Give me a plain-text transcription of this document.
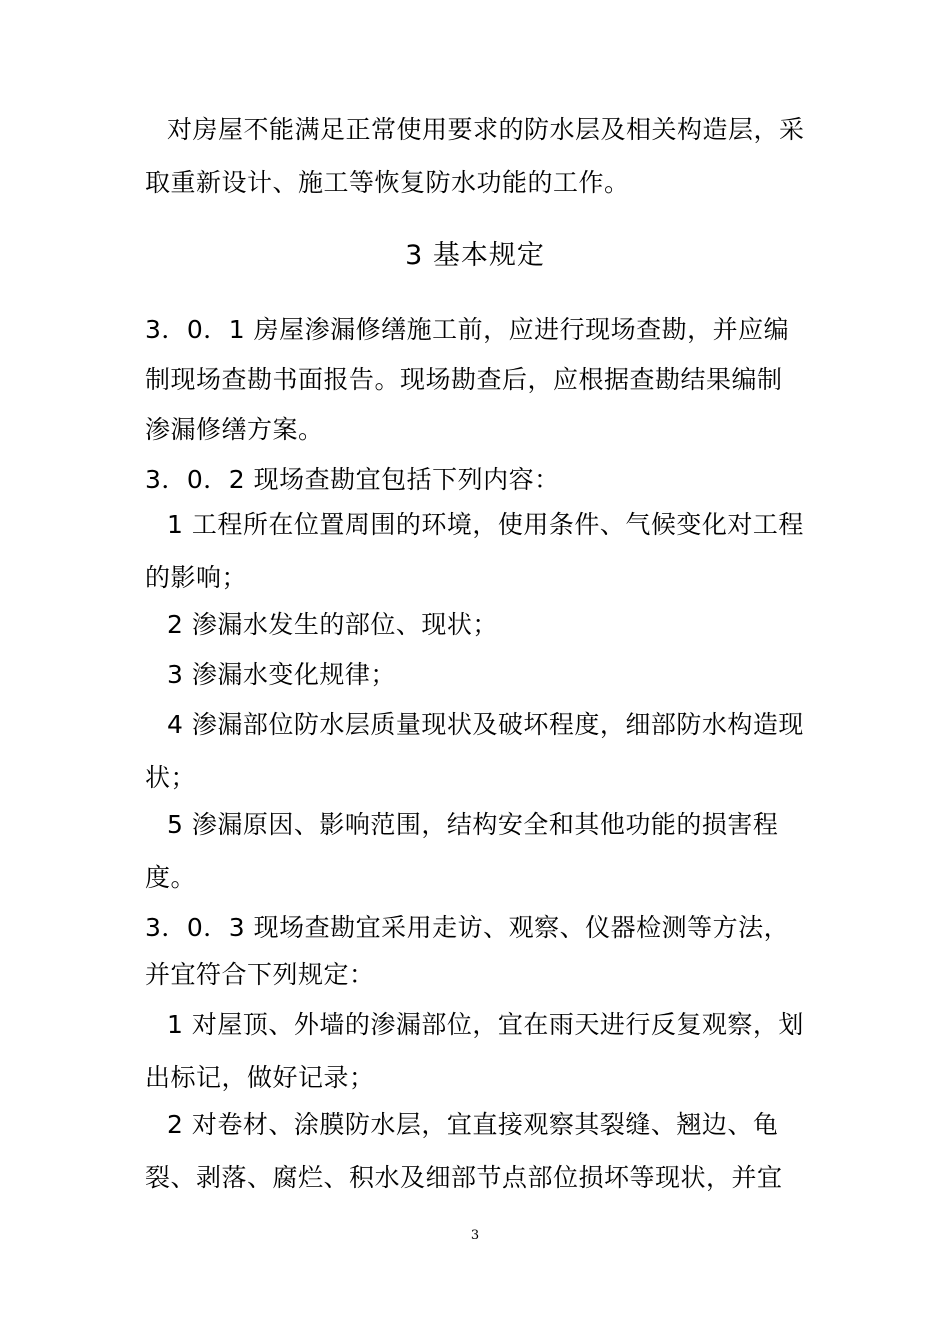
对房屋不能满足正常使用要求的防水层及相关构造层，采
取重新设计、施工等恢复防水功能的工作。
3 基本规定
3．0．1 房屋渗漏修缮施工前，应进行现场查勘，并应编
制现场查勘书面报告。现场勘查后，应根据查勘结果编制
渗漏修缮方案。
3．0．2 现场查勘宜包括下列内容：
1 工程所在位置周围的环境，使用条件、气候变化对工程
的影响；
2 渗漏水发生的部位、现状；
3 渗漏水变化规律；
4 渗漏部位防水层质量现状及破坏程度，细部防水构造现
状；
5 渗漏原因、影响范围，结构安全和其他功能的损害程
度。
3．0．3 现场查勘宜采用走访、观察、仪器检测等方法，
并宜符合下列规定：
1 对屋顶、外墙的渗漏部位，宜在雨天进行反复观察，划
出标记，做好记录；
2 对卷材、涂膜防水层，宜直接观察其裂缝、翘边、龟
裂、剥落、腐烂、积水及细部节点部位损坏等现状，并宜
3
